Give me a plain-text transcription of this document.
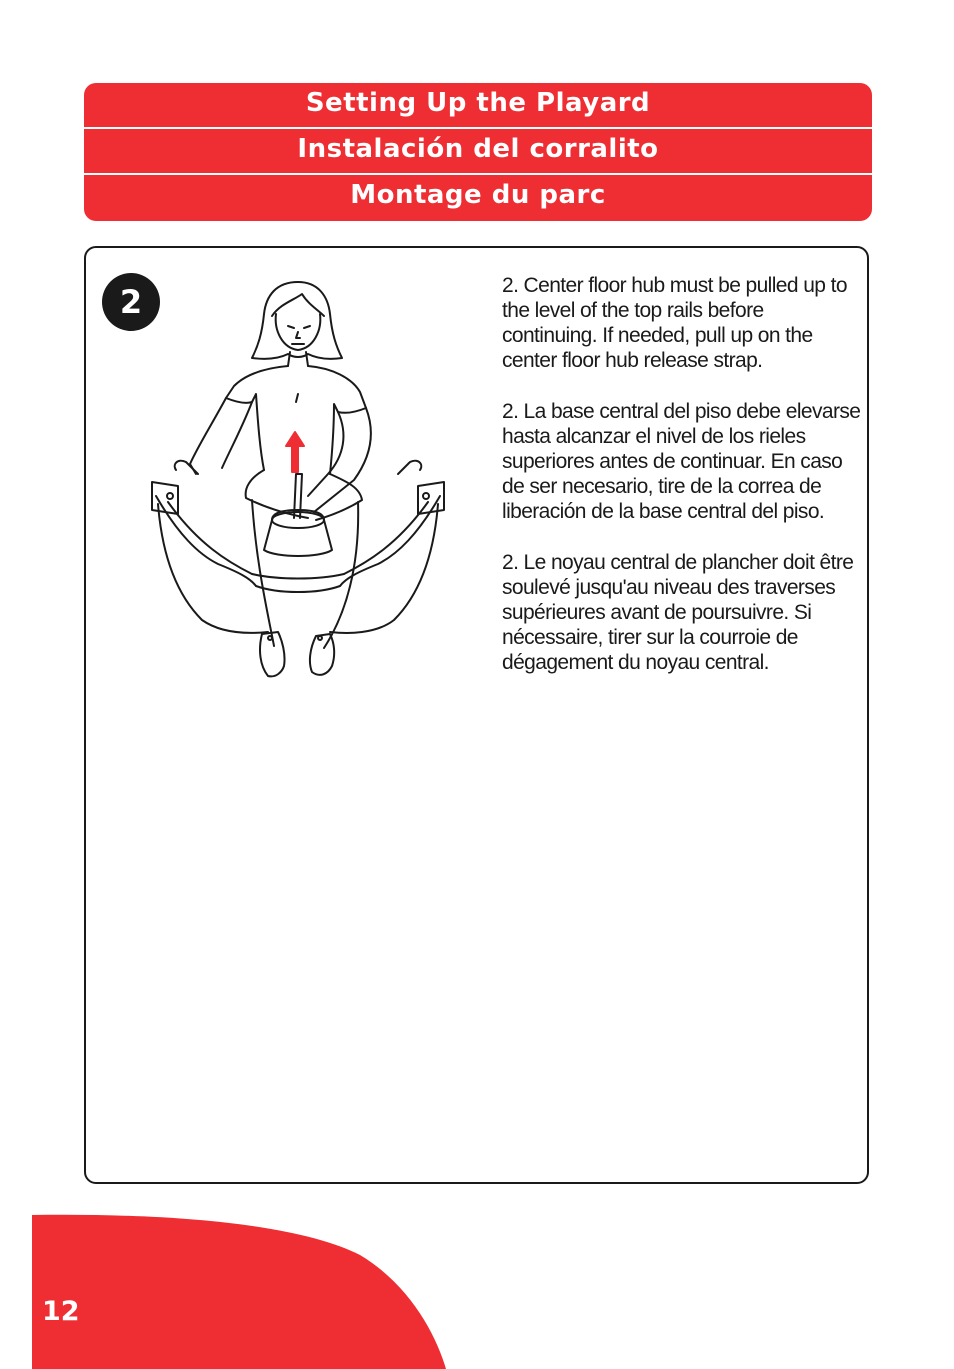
Setting Up the Playard
Instalación del corralito
Montage du parc
2	2. Center floor hub must be pulled up to the level of the top rails before continuing. If needed, pull up on the center floor hub release strap.

2. La base central del piso debe elevarse hasta alcanzar el nivel de los rieles superiores antes de continuar. En caso de ser necesario, tire de la correa de liberación de la base central del piso.

2. Le noyau central de plancher doit être soulevé jusqu'au niveau des traverses supérieures avant de poursuivre. Si nécessaire, tirer sur la courroie de dégagement du noyau central.

12
